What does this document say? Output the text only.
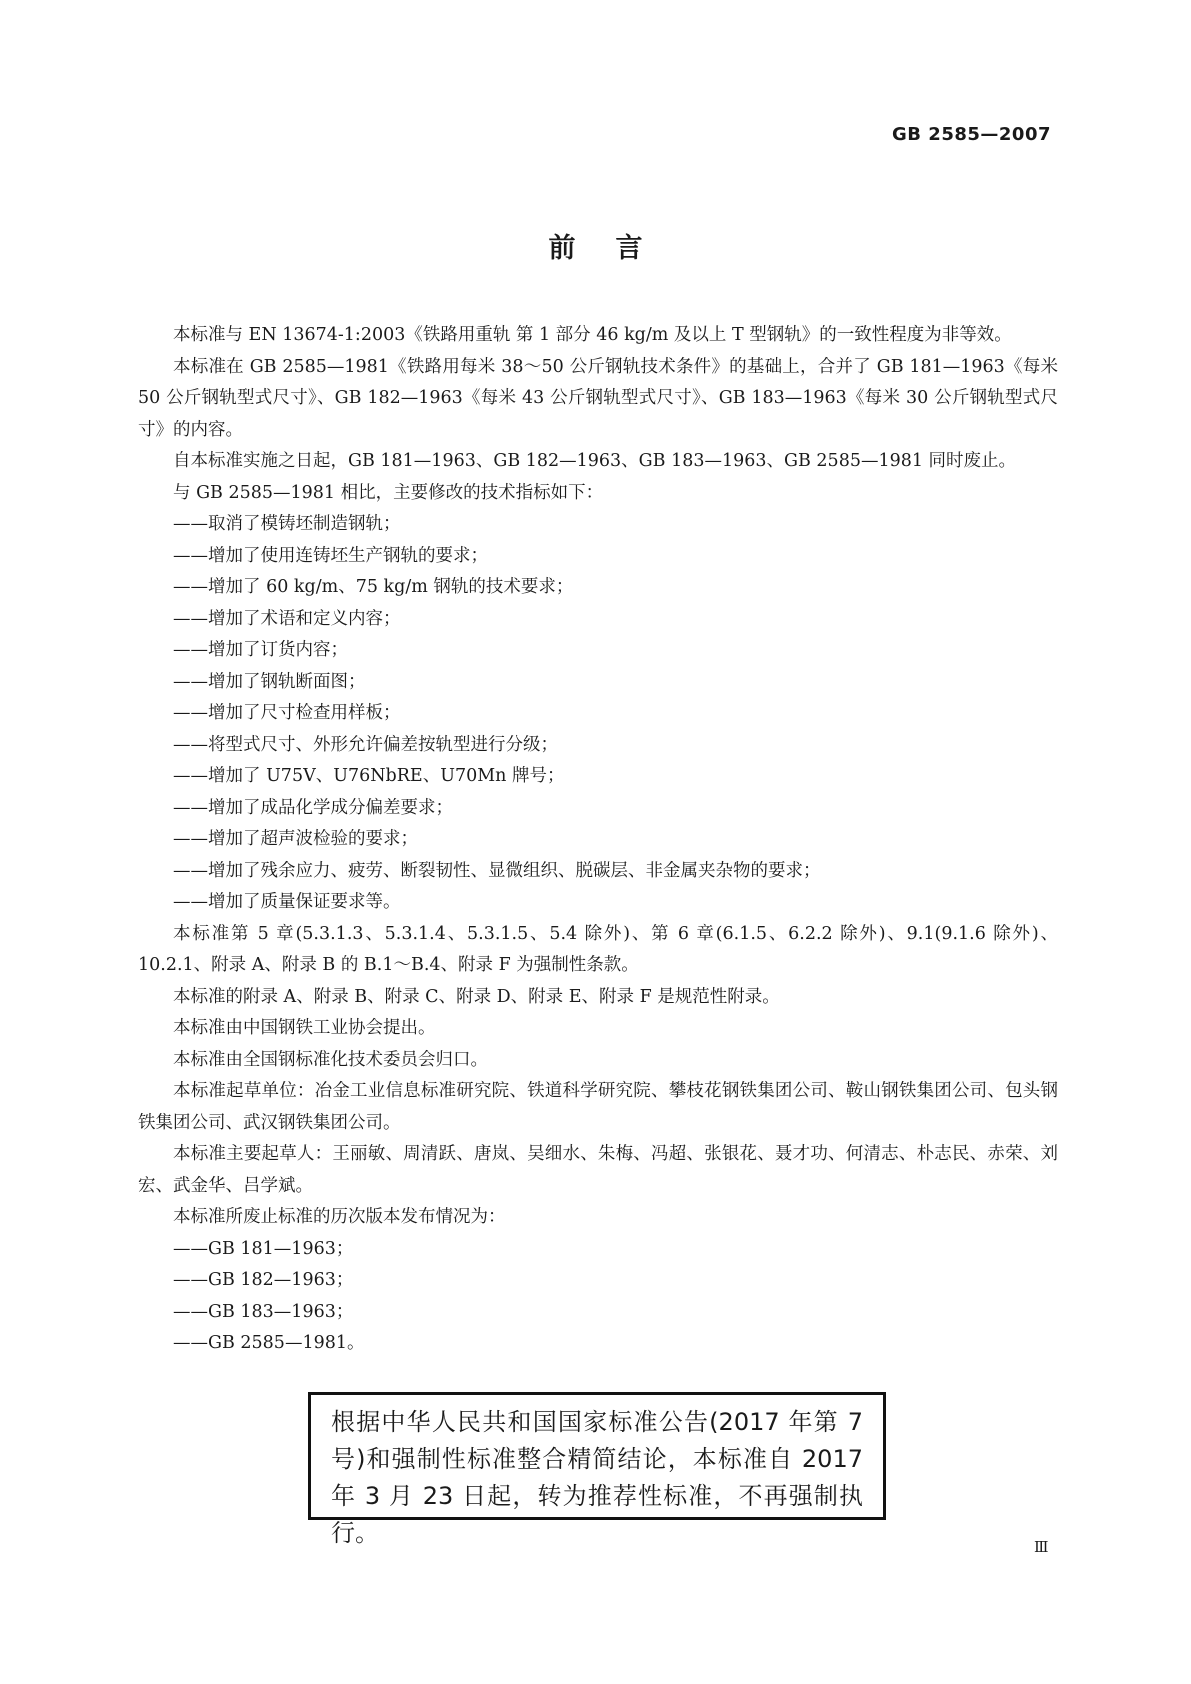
GB 2585—2007
前言

本标准与 EN 13674-1:2003《铁路用重轨 第 1 部分 46 kg/m 及以上 T 型钢轨》的一致性程度为非等效。

本标准在 GB 2585—1981《铁路用每米 38～50 公斤钢轨技术条件》的基础上，合并了 GB 181—1963《每米 50 公斤钢轨型式尺寸》、GB 182—1963《每米 43 公斤钢轨型式尺寸》、GB 183—1963《每米 30 公斤钢轨型式尺寸》的内容。

自本标准实施之日起，GB 181—1963、GB 182—1963、GB 183—1963、GB 2585—1981 同时废止。

与 GB 2585—1981 相比，主要修改的技术指标如下：

——取消了模铸坯制造钢轨；

——增加了使用连铸坯生产钢轨的要求；

——增加了 60 kg/m、75 kg/m 钢轨的技术要求；

——增加了术语和定义内容；

——增加了订货内容；

——增加了钢轨断面图；

——增加了尺寸检查用样板；

——将型式尺寸、外形允许偏差按轨型进行分级；

——增加了 U75V、U76NbRE、U70Mn 牌号；

——增加了成品化学成分偏差要求；

——增加了超声波检验的要求；

——增加了残余应力、疲劳、断裂韧性、显微组织、脱碳层、非金属夹杂物的要求；

——增加了质量保证要求等。

本标准第 5 章(5.3.1.3、5.3.1.4、5.3.1.5、5.4 除外)、第 6 章(6.1.5、6.2.2 除外)、9.1(9.1.6 除外)、10.2.1、附录 A、附录 B 的 B.1～B.4、附录 F 为强制性条款。

本标准的附录 A、附录 B、附录 C、附录 D、附录 E、附录 F 是规范性附录。

本标准由中国钢铁工业协会提出。

本标准由全国钢标准化技术委员会归口。

本标准起草单位：冶金工业信息标准研究院、铁道科学研究院、攀枝花钢铁集团公司、鞍山钢铁集团公司、包头钢铁集团公司、武汉钢铁集团公司。

本标准主要起草人：王丽敏、周清跃、唐岚、吴细水、朱梅、冯超、张银花、聂才功、何清志、朴志民、赤荣、刘宏、武金华、吕学斌。

本标准所废止标准的历次版本发布情况为：

——GB 181—1963；

——GB 182—1963；

——GB 183—1963；

——GB 2585—1981。

根据中华人民共和国国家标准公告(2017 年第 7 号)和强制性标准整合精简结论，本标准自 2017 年 3 月 23 日起，转为推荐性标准，不再强制执行。	Ⅲ
